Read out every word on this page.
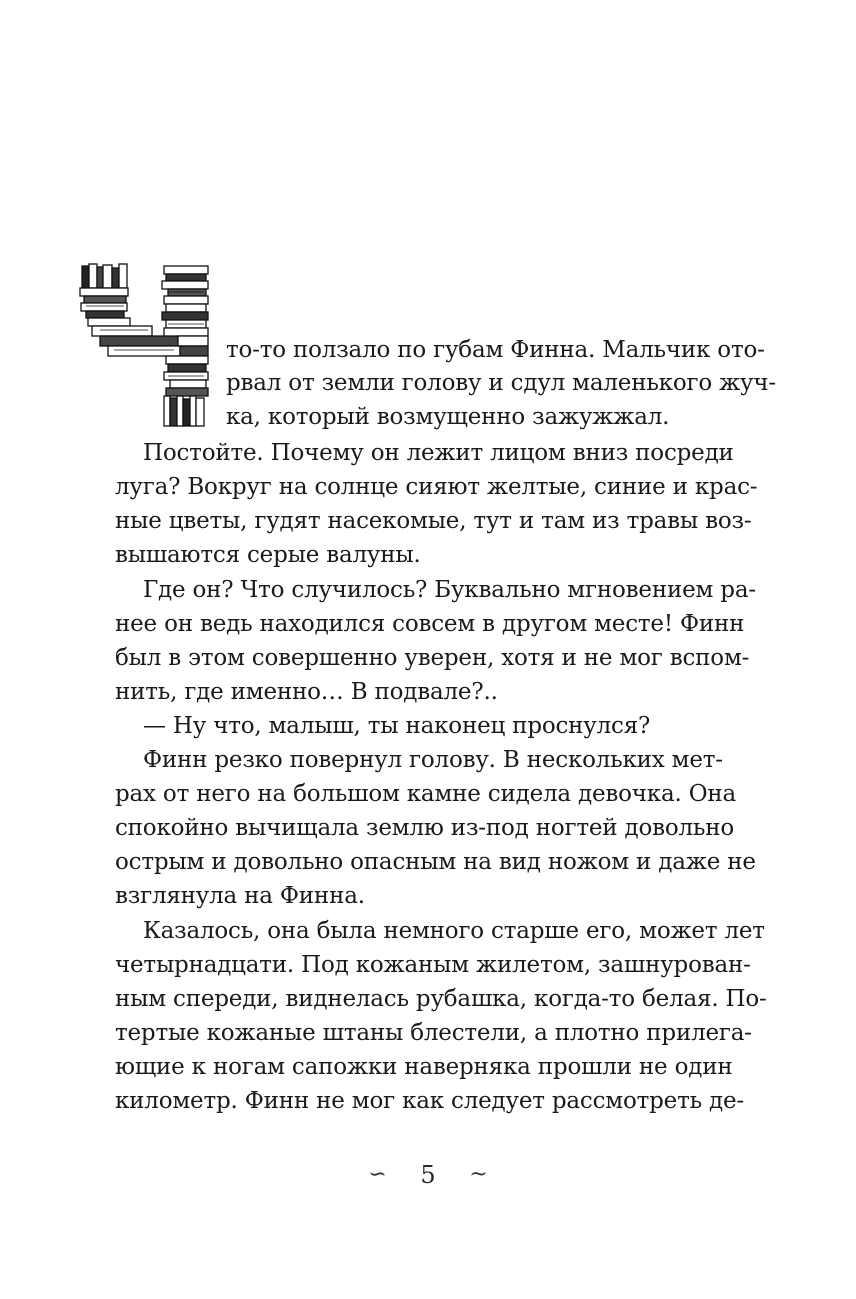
то-то ползало по губам Финна. Мальчик ото-
рвал от земли голову и сдул маленького жуч-
ка, который возмущенно зажужжал.
Постойте. Почему он лежит лицом вниз посреди
луга? Вокруг на солнце сияют желтые, синие и крас-
ные цветы, гудят насекомые, тут и там из травы воз-
вышаются серые валуны.
Где он? Что случилось? Буквально мгновением ра-
нее он ведь находился совсем в другом месте! Финн
был в этом совершенно уверен, хотя и не мог вспом-
нить, где именно… В подвале?..
— Ну что, малыш, ты наконец проснулся?
Финн резко повернул голову. В нескольких мет-
рах от него на большом камне сидела девочка. Она
спокойно вычищала землю из-под ногтей довольно
острым и довольно опасным на вид ножом и даже не
взглянула на Финна.
Казалось, она была немного старше его, может лет
четырнадцати. Под кожаным жилетом, зашнурован-
ным спереди, виднелась рубашка, когда-то белая. По-
тертые кожаные штаны блестели, а плотно прилега-
ющие к ногам сапожки наверняка прошли не один
километр. Финн не мог как следует рассмотреть де-
∽ 5 ~
